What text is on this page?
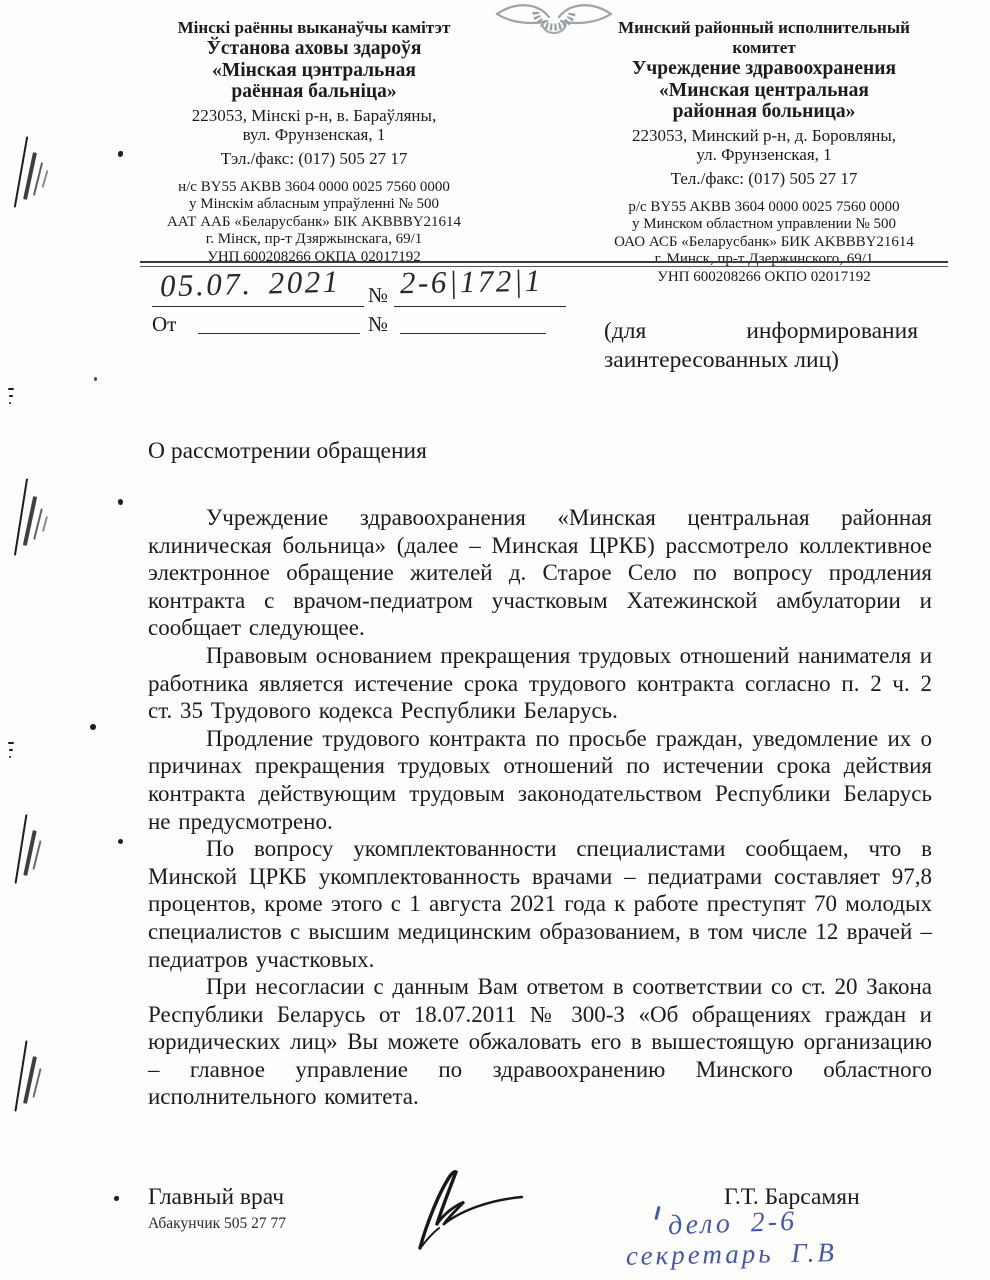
Мінскі раённы выканаўчы камітэт
Ўстанова аховы здароўя
«Мінская цэнтральная
раённая бальніца»
223053, Мінскі р-н, в. Бараўляны,
вул. Фрунзенская, 1
Тэл./факс: (017) 505 27 17
н/с BY55 AKBB 3604 0000 0025 7560 0000
у Мінскім абласным упраўленні № 500
ААТ ААБ «Беларусбанк» БІК AKBBBY21614
г. Мінск, пр-т Дзяржынскага, 69/1
УНП 600208266 ОКПА 02017192
Минский районный исполнительный комитет
Учреждение здравоохранения
«Минская центральная
районная больница»
223053, Минский р-н, д. Боровляны,
ул. Фрунзенская, 1
Тел./факс: (017) 505 27 17
р/с BY55 AKBB 3604 0000 0025 7560 0000
у Минском областном управлении № 500
ОАО АСБ «Беларусбанк» БИК AKBBBY21614
г. Минск, пр-т Дзержинского, 69/1
УНП 600208266 ОКПО 02017192
05.07. 2021 № 2-6|172|1
От	№	(для информирования заинтересованных лиц)
О рассмотрении обращения

Учреждение здравоохранения «Минская центральная районная клиническая больница» (далее – Минская ЦРКБ) рассмотрело коллективное электронное обращение жителей д. Старое Село по вопросу продления контракта с врачом-педиатром участковым Хатежинской амбулатории и сообщает следующее.

Правовым основанием прекращения трудовых отношений нанимателя и работника является истечение срока трудового контракта согласно п. 2 ч. 2 ст. 35 Трудового кодекса Республики Беларусь.

Продление трудового контракта по просьбе граждан, уведомление их о причинах прекращения трудовых отношений по истечении срока действия контракта действующим трудовым законодательством Республики Беларусь не предусмотрено.

По вопросу укомплектованности специалистами сообщаем, что в Минской ЦРКБ укомплектованность врачами – педиатрами составляет 97,8 процентов, кроме этого с 1 августа 2021 года к работе преступят 70 молодых специалистов с высшим медицинским образованием, в том числе 12 врачей – педиатров участковых.

При несогласии с данным Вам ответом в соответствии со ст. 20 Закона Республики Беларусь от 18.07.2011 № 300-З «Об обращениях граждан и юридических лиц» Вы можете обжаловать его в вышестоящую организацию – главное управление по здравоохранению Минского областного исполнительного комитета.

Главный врач
Абакунчик 505 27 77
Г.Т. Барсамян
дело 2-6
секретарь Г.В
